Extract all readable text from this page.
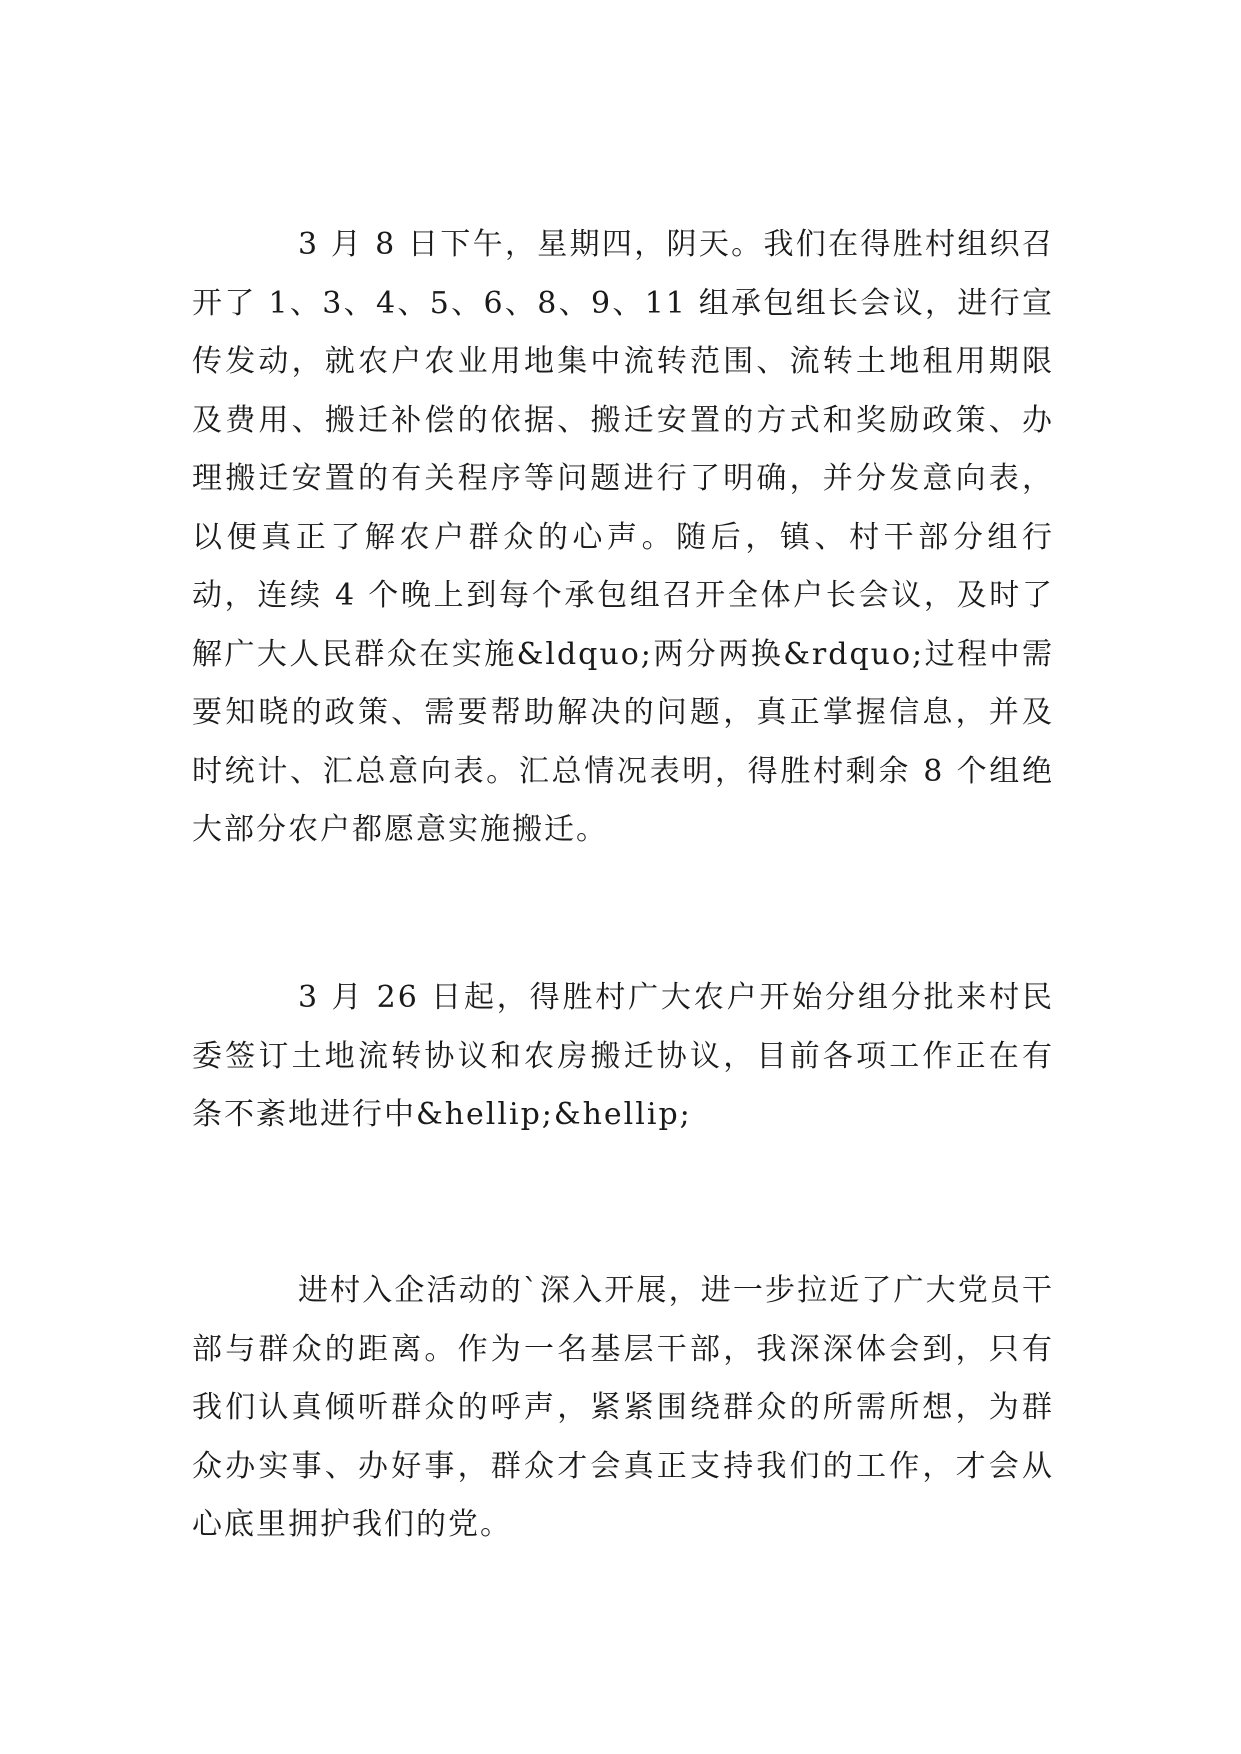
3 月 8 日下午，星期四，阴天。我们在得胜村组织召开了 1、3、4、5、6、8、9、11 组承包组长会议，进行宣传发动，就农户农业用地集中流转范围、流转土地租用期限及费用、搬迁补偿的依据、搬迁安置的方式和奖励政策、办理搬迁安置的有关程序等问题进行了明确，并分发意向表，以便真正了解农户群众的心声。随后，镇、村干部分组行动，连续 4 个晚上到每个承包组召开全体户长会议，及时了解广大人民群众在实施&ldquo;两分两换&rdquo;过程中需要知晓的政策、需要帮助解决的问题，真正掌握信息，并及时统计、汇总意向表。汇总情况表明，得胜村剩余 8 个组绝大部分农户都愿意实施搬迁。

3 月 26 日起，得胜村广大农户开始分组分批来村民委签订土地流转协议和农房搬迁协议，目前各项工作正在有条不紊地进行中&hellip;&hellip;

进村入企活动的`深入开展，进一步拉近了广大党员干部与群众的距离。作为一名基层干部，我深深体会到，只有我们认真倾听群众的呼声，紧紧围绕群众的所需所想，为群众办实事、办好事，群众才会真正支持我们的工作，才会从心底里拥护我们的党。
